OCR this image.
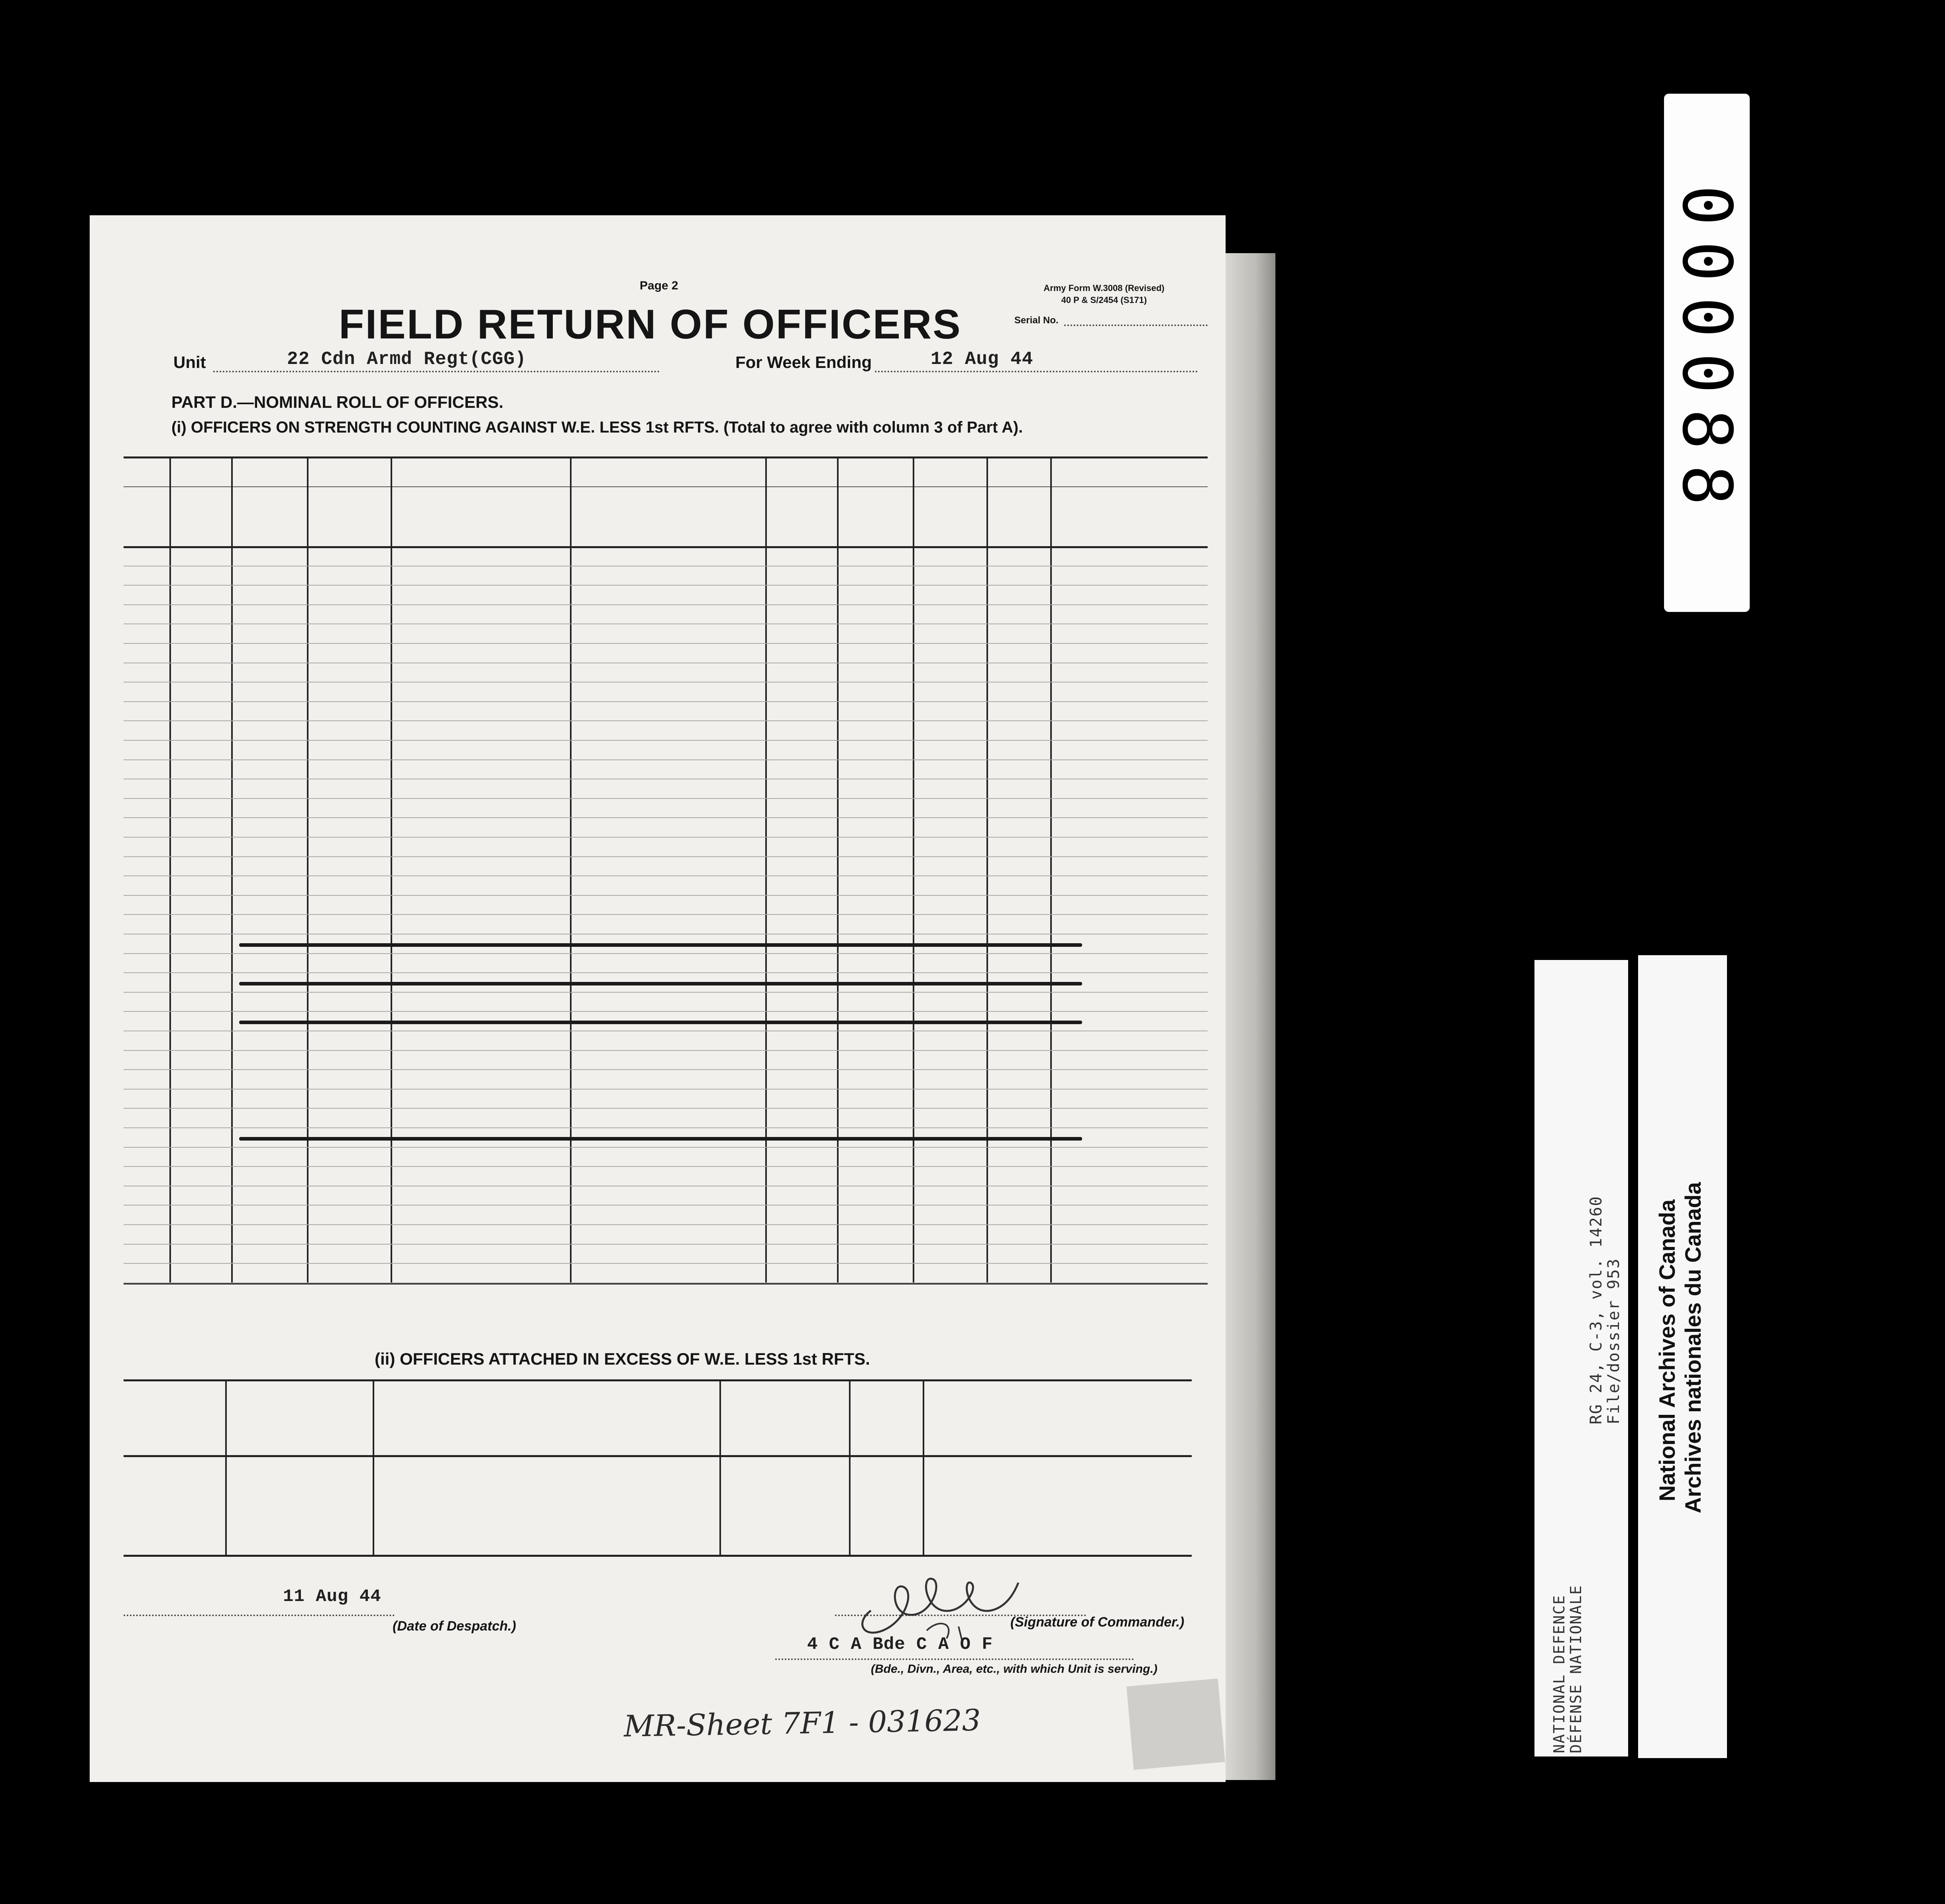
Page 2
FIELD RETURN OF OFFICERS
Army Form W.3008 (Revised)
40 P & S/2454 (S171)
Serial No.
Unit	22 Cdn Armd Regt(CGG)	For Week Ending	12 Aug 44
PART D.—NOMINAL ROLL OF OFFICERS.
(i) OFFICERS ON STRENGTH COUNTING AGAINST W.E. LESS 1st RFTS. (Total to agree with column 3 of Part A).
(ii) OFFICERS ATTACHED IN EXCESS OF W.E. LESS 1st RFTS.
11 Aug 44
(Date of Despatch.)	(Signature of Commander.)
4 C A Bde C A O F
(Bde., Divn., Area, etc., with which Unit is serving.)
MR-Sheet 7F1 - 031623
000088
NATIONAL DEFENCE
DÉFENSE NATIONALE
RG 24, C-3, vol. 14260
File/dossier 953 National Archives of Canada Archives nationales du Canada
